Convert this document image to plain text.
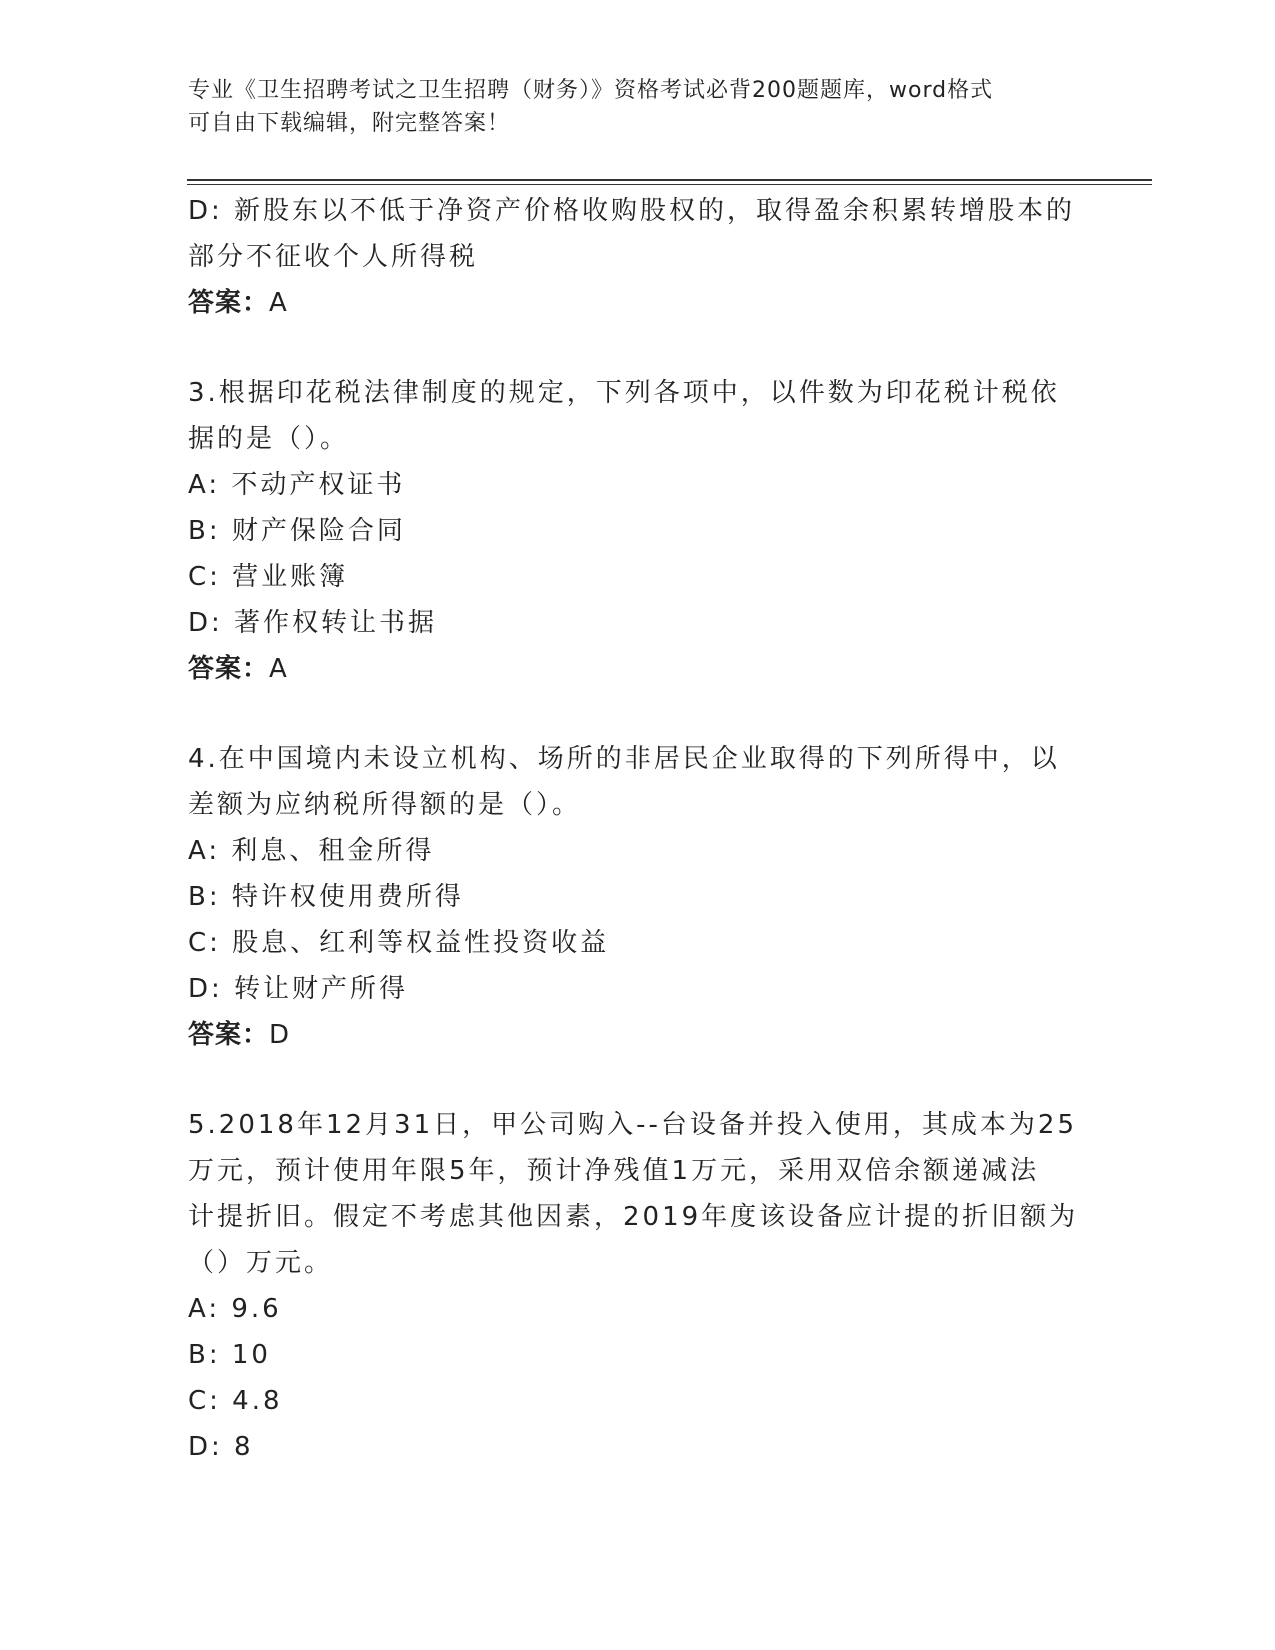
专业《卫生招聘考试之卫生招聘（财务）》资格考试必背200题题库，word格式
可自由下载编辑，附完整答案！

D: 新股东以不低于净资产价格收购股权的，取得盈余积累转增股本的

部分不征收个人所得税

答案：A

3.根据印花税法律制度的规定，下列各项中，以件数为印花税计税依

据的是（）。

A: 不动产权证书

B: 财产保险合同

C: 营业账簿

D: 著作权转让书据

答案：A

4.在中国境内未设立机构、场所的非居民企业取得的下列所得中，以

差额为应纳税所得额的是（）。

A: 利息、租金所得

B: 特许权使用费所得

C: 股息、红利等权益性投资收益

D: 转让财产所得

答案：D

5.2018年12月31日，甲公司购入--台设备并投入使用，其成本为25

万元，预计使用年限5年，预计净残值1万元，采用双倍余额递减法

计提折旧。假定不考虑其他因素，2019年度该设备应计提的折旧额为

（）万元。

A: 9.6

B: 10

C: 4.8

D: 8
